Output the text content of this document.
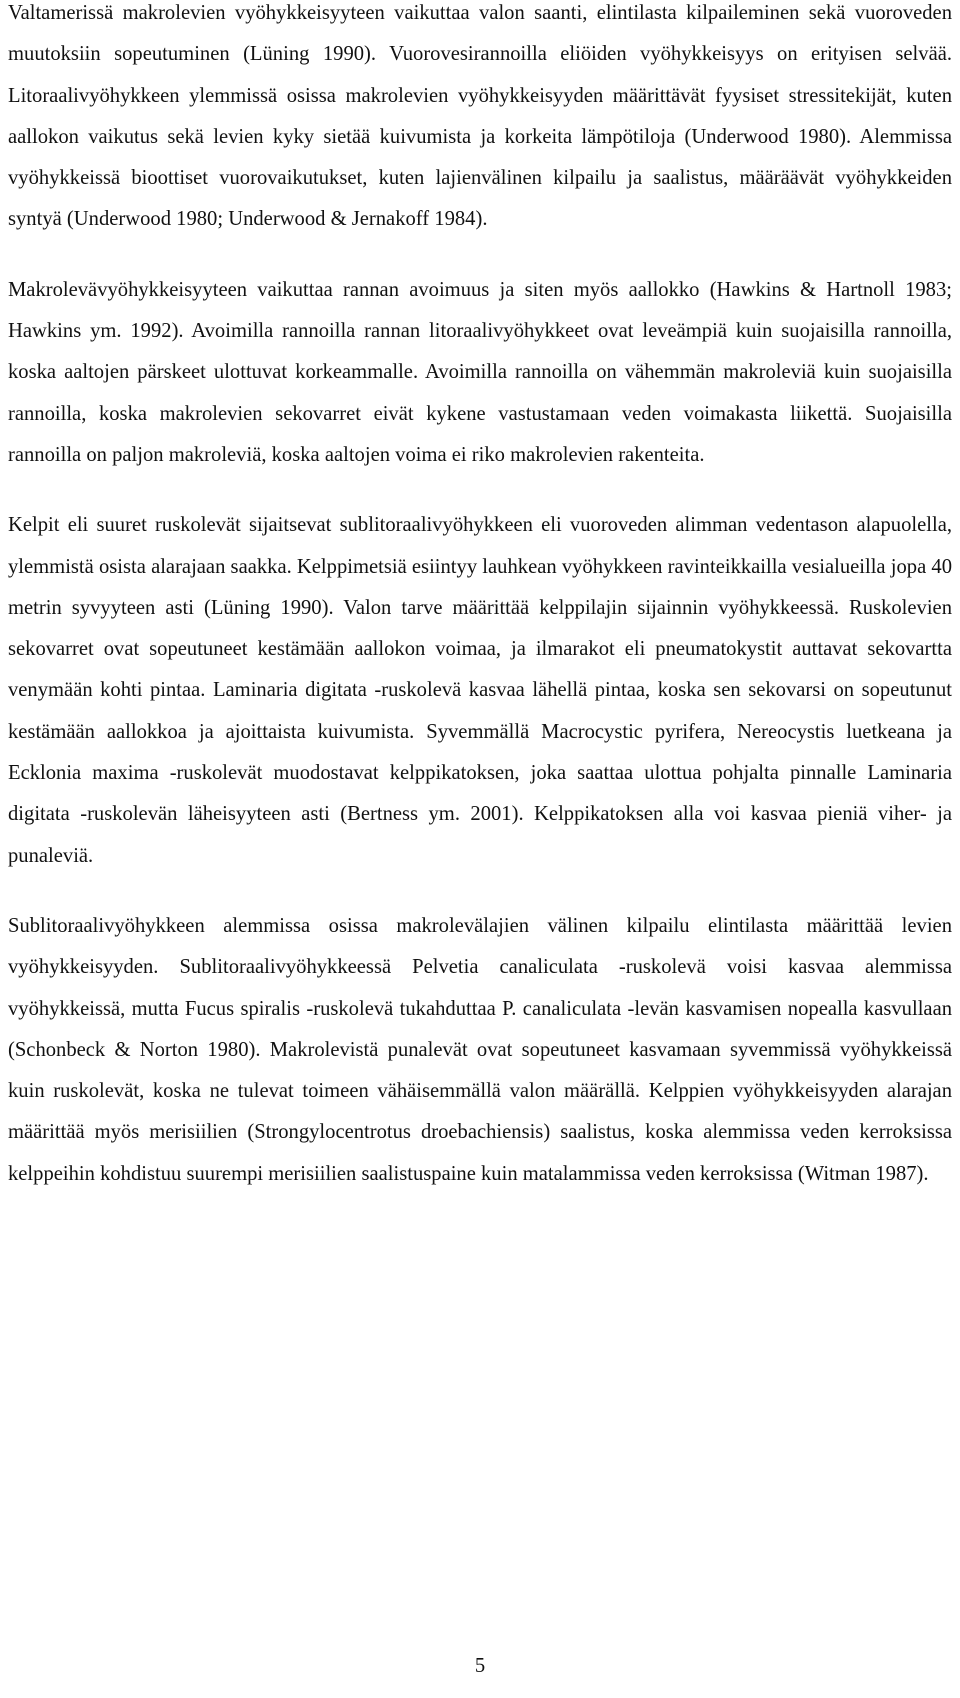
Valtamerissä makrolevien vyöhykkeisyyteen vaikuttaa valon saanti, elintilasta kilpaileminen sekä vuoroveden muutoksiin sopeutuminen (Lüning 1990). Vuorovesirannoilla eliöiden vyöhykkeisyys on erityisen selvää. Litoraalivyöhykkeen ylemmissä osissa makrolevien vyöhykkeisyyden määrittävät fyysiset stressitekijät, kuten aallokon vaikutus sekä levien kyky sietää kuivumista ja korkeita lämpötiloja (Underwood 1980). Alemmissa vyöhykkeissä bioottiset vuorovaikutukset, kuten lajienvälinen kilpailu ja saalistus, määräävät vyöhykkeiden syntyä (Underwood 1980; Underwood & Jernakoff 1984).

Makrolevävyöhykkeisyyteen vaikuttaa rannan avoimuus ja siten myös aallokko (Hawkins & Hartnoll 1983; Hawkins ym. 1992). Avoimilla rannoilla rannan litoraalivyöhykkeet ovat leveämpiä kuin suojaisilla rannoilla, koska aaltojen pärskeet ulottuvat korkeammalle. Avoimilla rannoilla on vähemmän makroleviä kuin suojaisilla rannoilla, koska makrolevien sekovarret eivät kykene vastustamaan veden voimakasta liikettä. Suojaisilla rannoilla on paljon makroleviä, koska aaltojen voima ei riko makrolevien rakenteita.

Kelpit eli suuret ruskolevät sijaitsevat sublitoraalivyöhykkeen eli vuoroveden alimman vedentason alapuolella, ylemmistä osista alarajaan saakka. Kelppimetsiä esiintyy lauhkean vyöhykkeen ravinteikkailla vesialueilla jopa 40 metrin syvyyteen asti (Lüning 1990). Valon tarve määrittää kelppilajin sijainnin vyöhykkeessä. Ruskolevien sekovarret ovat sopeutuneet kestämään aallokon voimaa, ja ilmarakot eli pneumatokystit auttavat sekovartta venymään kohti pintaa. Laminaria digitata -ruskolevä kasvaa lähellä pintaa, koska sen sekovarsi on sopeutunut kestämään aallokkoa ja ajoittaista kuivumista. Syvemmällä Macrocystic pyrifera, Nereocystis luetkeana ja Ecklonia maxima -ruskolevät muodostavat kelppikatoksen, joka saattaa ulottua pohjalta pinnalle Laminaria digitata -ruskolevän läheisyyteen asti (Bertness ym. 2001). Kelppikatoksen alla voi kasvaa pieniä viher- ja punaleviä.

Sublitoraalivyöhykkeen alemmissa osissa makrolevälajien välinen kilpailu elintilasta määrittää levien vyöhykkeisyyden. Sublitoraalivyöhykkeessä Pelvetia canaliculata -ruskolevä voisi kasvaa alemmissa vyöhykkeissä, mutta Fucus spiralis -ruskolevä tukahduttaa P. canaliculata -levän kasvamisen nopealla kasvullaan (Schonbeck & Norton 1980). Makrolevistä punalevät ovat sopeutuneet kasvamaan syvemmissä vyöhykkeissä kuin ruskolevät, koska ne tulevat toimeen vähäisemmällä valon määrällä. Kelppien vyöhykkeisyyden alarajan määrittää myös merisiilien (Strongylocentrotus droebachiensis) saalistus, koska alemmissa veden kerroksissa kelppeihin kohdistuu suurempi merisiilien saalistuspaine kuin matalammissa veden kerroksissa (Witman 1987).

5
